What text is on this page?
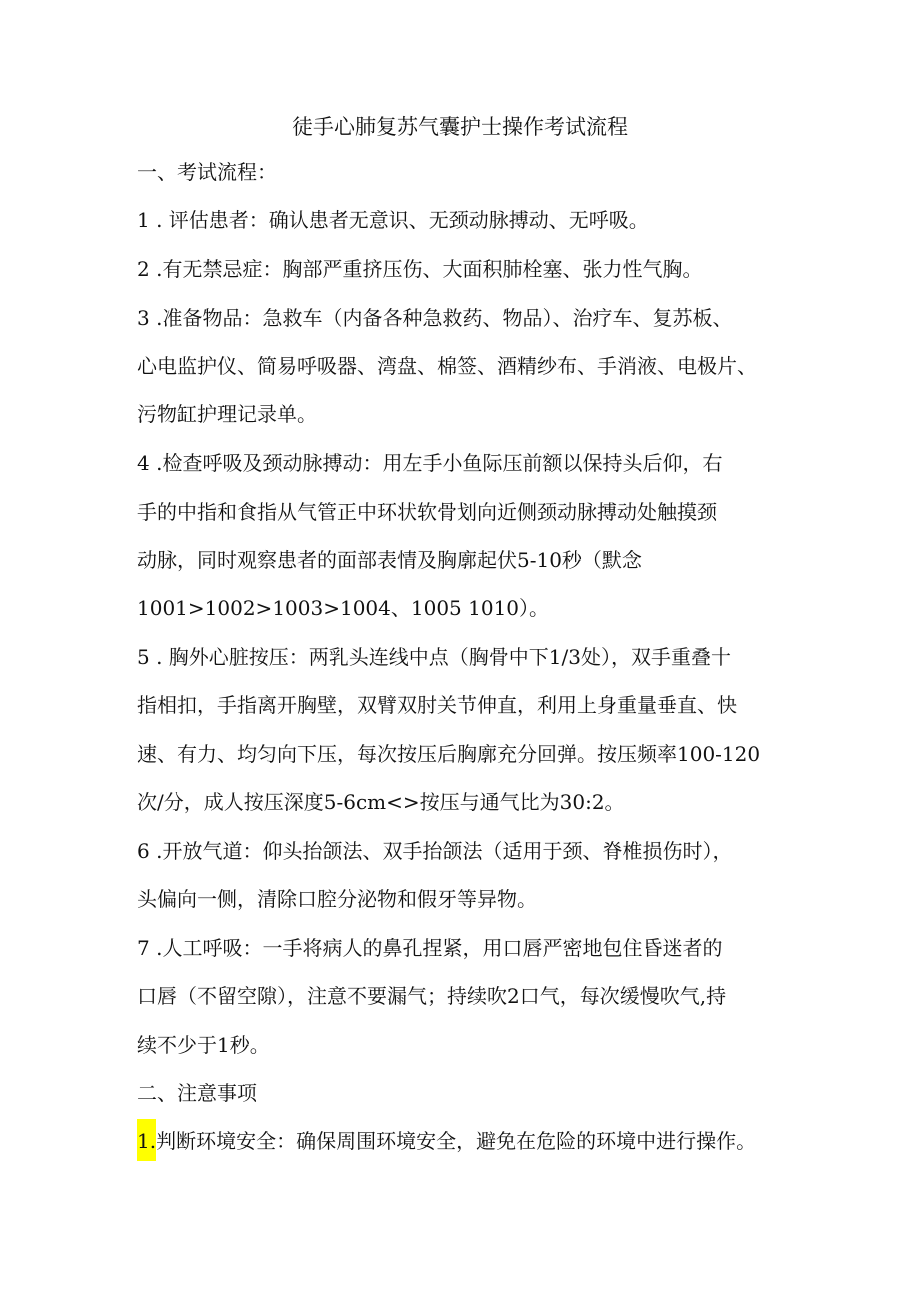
徒手心肺复苏气囊护士操作考试流程
一、考试流程：
1 . 评估患者：确认患者无意识、无颈动脉搏动、无呼吸。
2 .有无禁忌症：胸部严重挤压伤、大面积肺栓塞、张力性气胸。
3 .准备物品：急救车（内备各种急救药、物品）、治疗车、复苏板、
心电监护仪、简易呼吸器、湾盘、棉签、酒精纱布、手消液、电极片、
污物缸护理记录单。
4 .检查呼吸及颈动脉搏动：用左手小鱼际压前额以保持头后仰，右
手的中指和食指从气管正中环状软骨划向近侧颈动脉搏动处触摸颈
动脉，同时观察患者的面部表情及胸廓起伏5-10秒（默念
1001>1002>1003>1004、1005 1010）。
5 . 胸外心脏按压：两乳头连线中点（胸骨中下1/3处），双手重叠十
指相扣，手指离开胸壁，双臂双肘关节伸直，利用上身重量垂直、快
速、有力、均匀向下压，每次按压后胸廓充分回弹。按压频率100-120
次/分，成人按压深度5-6cm<>按压与通气比为30:2。
6 .开放气道：仰头抬颌法、双手抬颌法（适用于颈、脊椎损伤时），
头偏向一侧，清除口腔分泌物和假牙等异物。
7 .人工呼吸：一手将病人的鼻孔捏紧，用口唇严密地包住昏迷者的
口唇（不留空隙），注意不要漏气；持续吹2口气，每次缓慢吹气,持
续不少于1秒。
二、注意事项
1.判断环境安全：确保周围环境安全，避免在危险的环境中进行操作。
